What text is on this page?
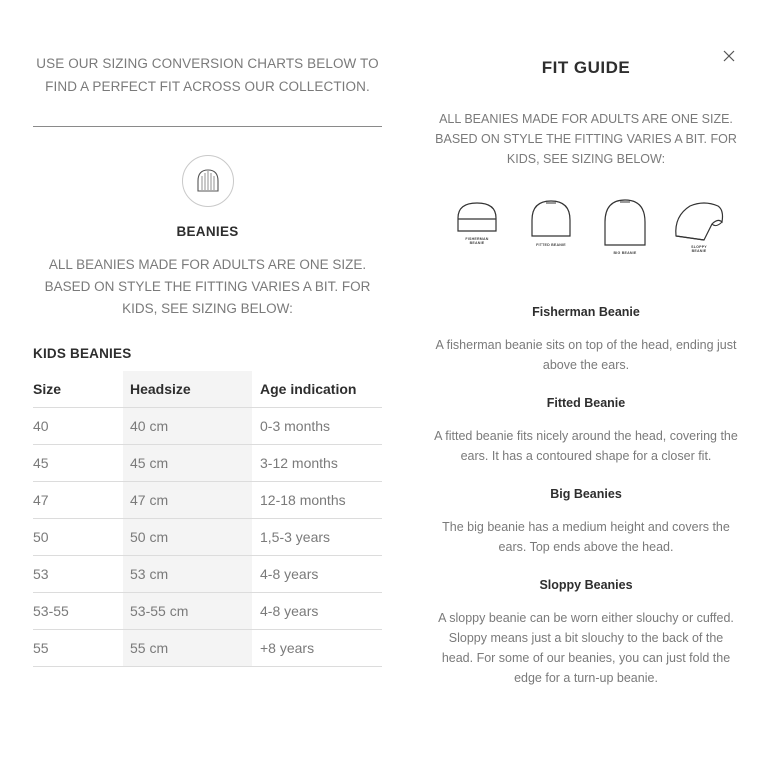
USE OUR SIZING CONVERSION CHARTS BELOW TO FIND A PERFECT FIT ACROSS OUR COLLECTION.

BEANIES

ALL BEANIES MADE FOR ADULTS ARE ONE SIZE. BASED ON STYLE THE FITTING VARIES A BIT. FOR KIDS, SEE SIZING BELOW:

KIDS BEANIES
Size	Headsize	Age indication
40	40 cm	0-3 months
45	45 cm	3-12 months
47	47 cm	12-18 months
50	50 cm	1,5-3 years
53	53 cm	4-8 years
53-55	53-55 cm	4-8 years
55	55 cm	+8 years
FIT GUIDE

ALL BEANIES MADE FOR ADULTS ARE ONE SIZE. BASED ON STYLE THE FITTING VARIES A BIT. FOR KIDS, SEE SIZING BELOW:

FISHERMAN BEANIE	FITTED BEANIE
BIG BEANIE
SLOPPY BEANIE
Fisherman Beanie

A fisherman beanie sits on top of the head, ending just above the ears.

Fitted Beanie

A fitted beanie fits nicely around the head, covering the ears. It has a contoured shape for a closer fit.

Big Beanies

The big beanie has a medium height and covers the ears. Top ends above the head.

Sloppy Beanies

A sloppy beanie can be worn either slouchy or cuffed. Sloppy means just a bit slouchy to the back of the head. For some of our beanies, you can just fold the edge for a turn-up beanie.
